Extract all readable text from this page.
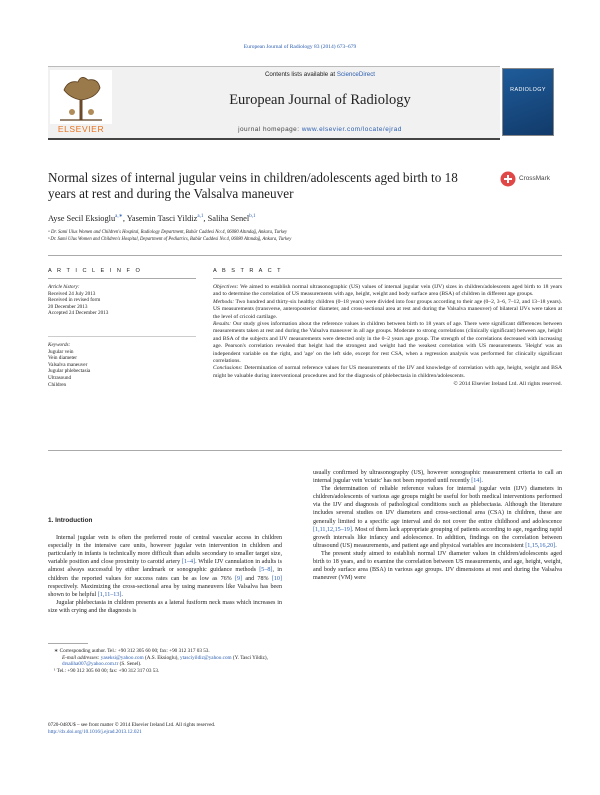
European Journal of Radiology 83 (2014) 673–679
ELSEVIER
Contents lists available at ScienceDirect
European Journal of Radiology
journal homepage: www.elsevier.com/locate/ejrad
RADIOLOGY
Normal sizes of internal jugular veins in children/adolescents aged birth to 18 years at rest and during the Valsalva maneuver
CrossMark
Ayse Secil Eksioglu$^{a,∗}$, Yasemin Tasci Yildiz$^{a,1}$, Saliha Senel$^{b,1}$
ᵃ Dr. Sami Ulus Women and Children's Hospital, Radiology Department, Babür Caddesi No:4, 06080 Altındağ, Ankara, Turkey
ᵇ Dr. Sami Ulus Women and Children's Hospital, Department of Pediatrics, Babür Caddesi No:4, 06080 Altındağ, Ankara, Turkey
A R T I C L E I N F O	A B S T R A C T
Article history:
Received 24 July 2013
Received in revised form
20 December 2013
Accepted 24 December 2013
Keywords:
Jugular vein
Vein diameter
Valsalva maneuver
Jugular phlebectasia
Ultrasound
Children

Objectives: We aimed to establish normal ultrasonographic (US) values of internal jugular vein (IJV) sizes in children/adolescents aged birth to 18 years and to determine the correlation of US measurements with age, height, weight and body surface area (BSA) of children in different age groups.

Methods: Two hundred and thirty-six healthy children (0–18 years) were divided into four groups according to their age (0–2, 3–6, 7–12, and 13–18 years). US measurements (transverse, anteroposterior diameter, and cross-sectional area at rest and during the Valsalva maneuver) of bilateral IJVs were taken at the level of cricoid cartilage.

Results: Our study gives information about the reference values in children between birth to 18 years of age. There were significant differences between measurements taken at rest and during the Valsalva maneuver in all age groups. Moderate to strong correlations (clinically significant) between age, height and BSA of the subjects and IJV measurements were detected only in the 0–2 years age group. The strength of the correlations decreased with increasing age. Pearson's correlation revealed that height had the strongest and weight had the weakest correlation with US measurements. 'Height' was an independent variable on the right, and 'age' on the left side, except for rest CSA, when a regression analysis was performed for clinically significant correlations.

Conclusions: Determination of normal reference values for US measurements of the IJV and knowledge of correlation with age, height, weight and BSA might be valuable during interventional procedures and for the diagnosis of phlebectasia in children/adolescents.

© 2014 Elsevier Ireland Ltd. All rights reserved.

1. Introduction

Internal jugular vein is often the preferred route of central vascular access in children especially in the intensive care units, however jugular vein intervention in children and particularly in infants is technically more difficult than adults secondary to smaller target size, variable position and close proximity to carotid artery [1–4]. While IJV cannulation in adults is almost always successful by either landmark or sonographic guidance methods [5–8], in children the reported values for success rates can be as low as 76% [9] and 78% [10] respectively. Maximizing the cross-sectional area by using maneuvers like Valsalva has been shown to be helpful [1,11–13].

Jugular phlebectasia in children presents as a lateral fusiform neck mass which increases in size with crying and the diagnosis is

usually confirmed by ultrasonography (US), however sonographic measurement criteria to call an internal jugular vein 'ectatic' has not been reported until recently [14].

The determination of reliable reference values for internal jugular vein (IJV) diameters in children/adolescents of various age groups might be useful for both medical interventions performed via the IJV and diagnosis of pathological conditions such as phlebectasia. Although the literature includes several studies on IJV diameters and cross-sectional area (CSA) in children, these are generally limited to a specific age interval and do not cover the entire childhood and adolescence [1,11,12,15–19]. Most of them lack appropriate grouping of patients according to age, regarding rapid growth intervals like infancy and adolescence. In addition, findings on the correlation between ultrasound (US) measurements, and patient age and physical variables are inconsistent [1,15,16,20].

The present study aimed to establish normal IJV diameter values in children/adolescents aged birth to 18 years, and to examine the correlation between US measurements, and age, height, weight, and body surface area (BSA) in various age groups. IJV dimensions at rest and during the Valsalva maneuver (VM) were

∗ Corresponding author. Tel.: +90 312 305 60 00; fax: +90 312 317 03 53.
E-mail addresses: yaseksi@yahoo.com (A.S. Eksioglu), ytasciyildiz@yahoo.com (Y. Tasci Yildiz), drsaliha007@yahoo.com.tr (S. Senel).
¹ Tel.: +90 312 305 60 00; fax: +90 312 317 03 53.
0720-048X/$ – see front matter © 2014 Elsevier Ireland Ltd. All rights reserved.
http://dx.doi.org/10.1016/j.ejrad.2013.12.021
